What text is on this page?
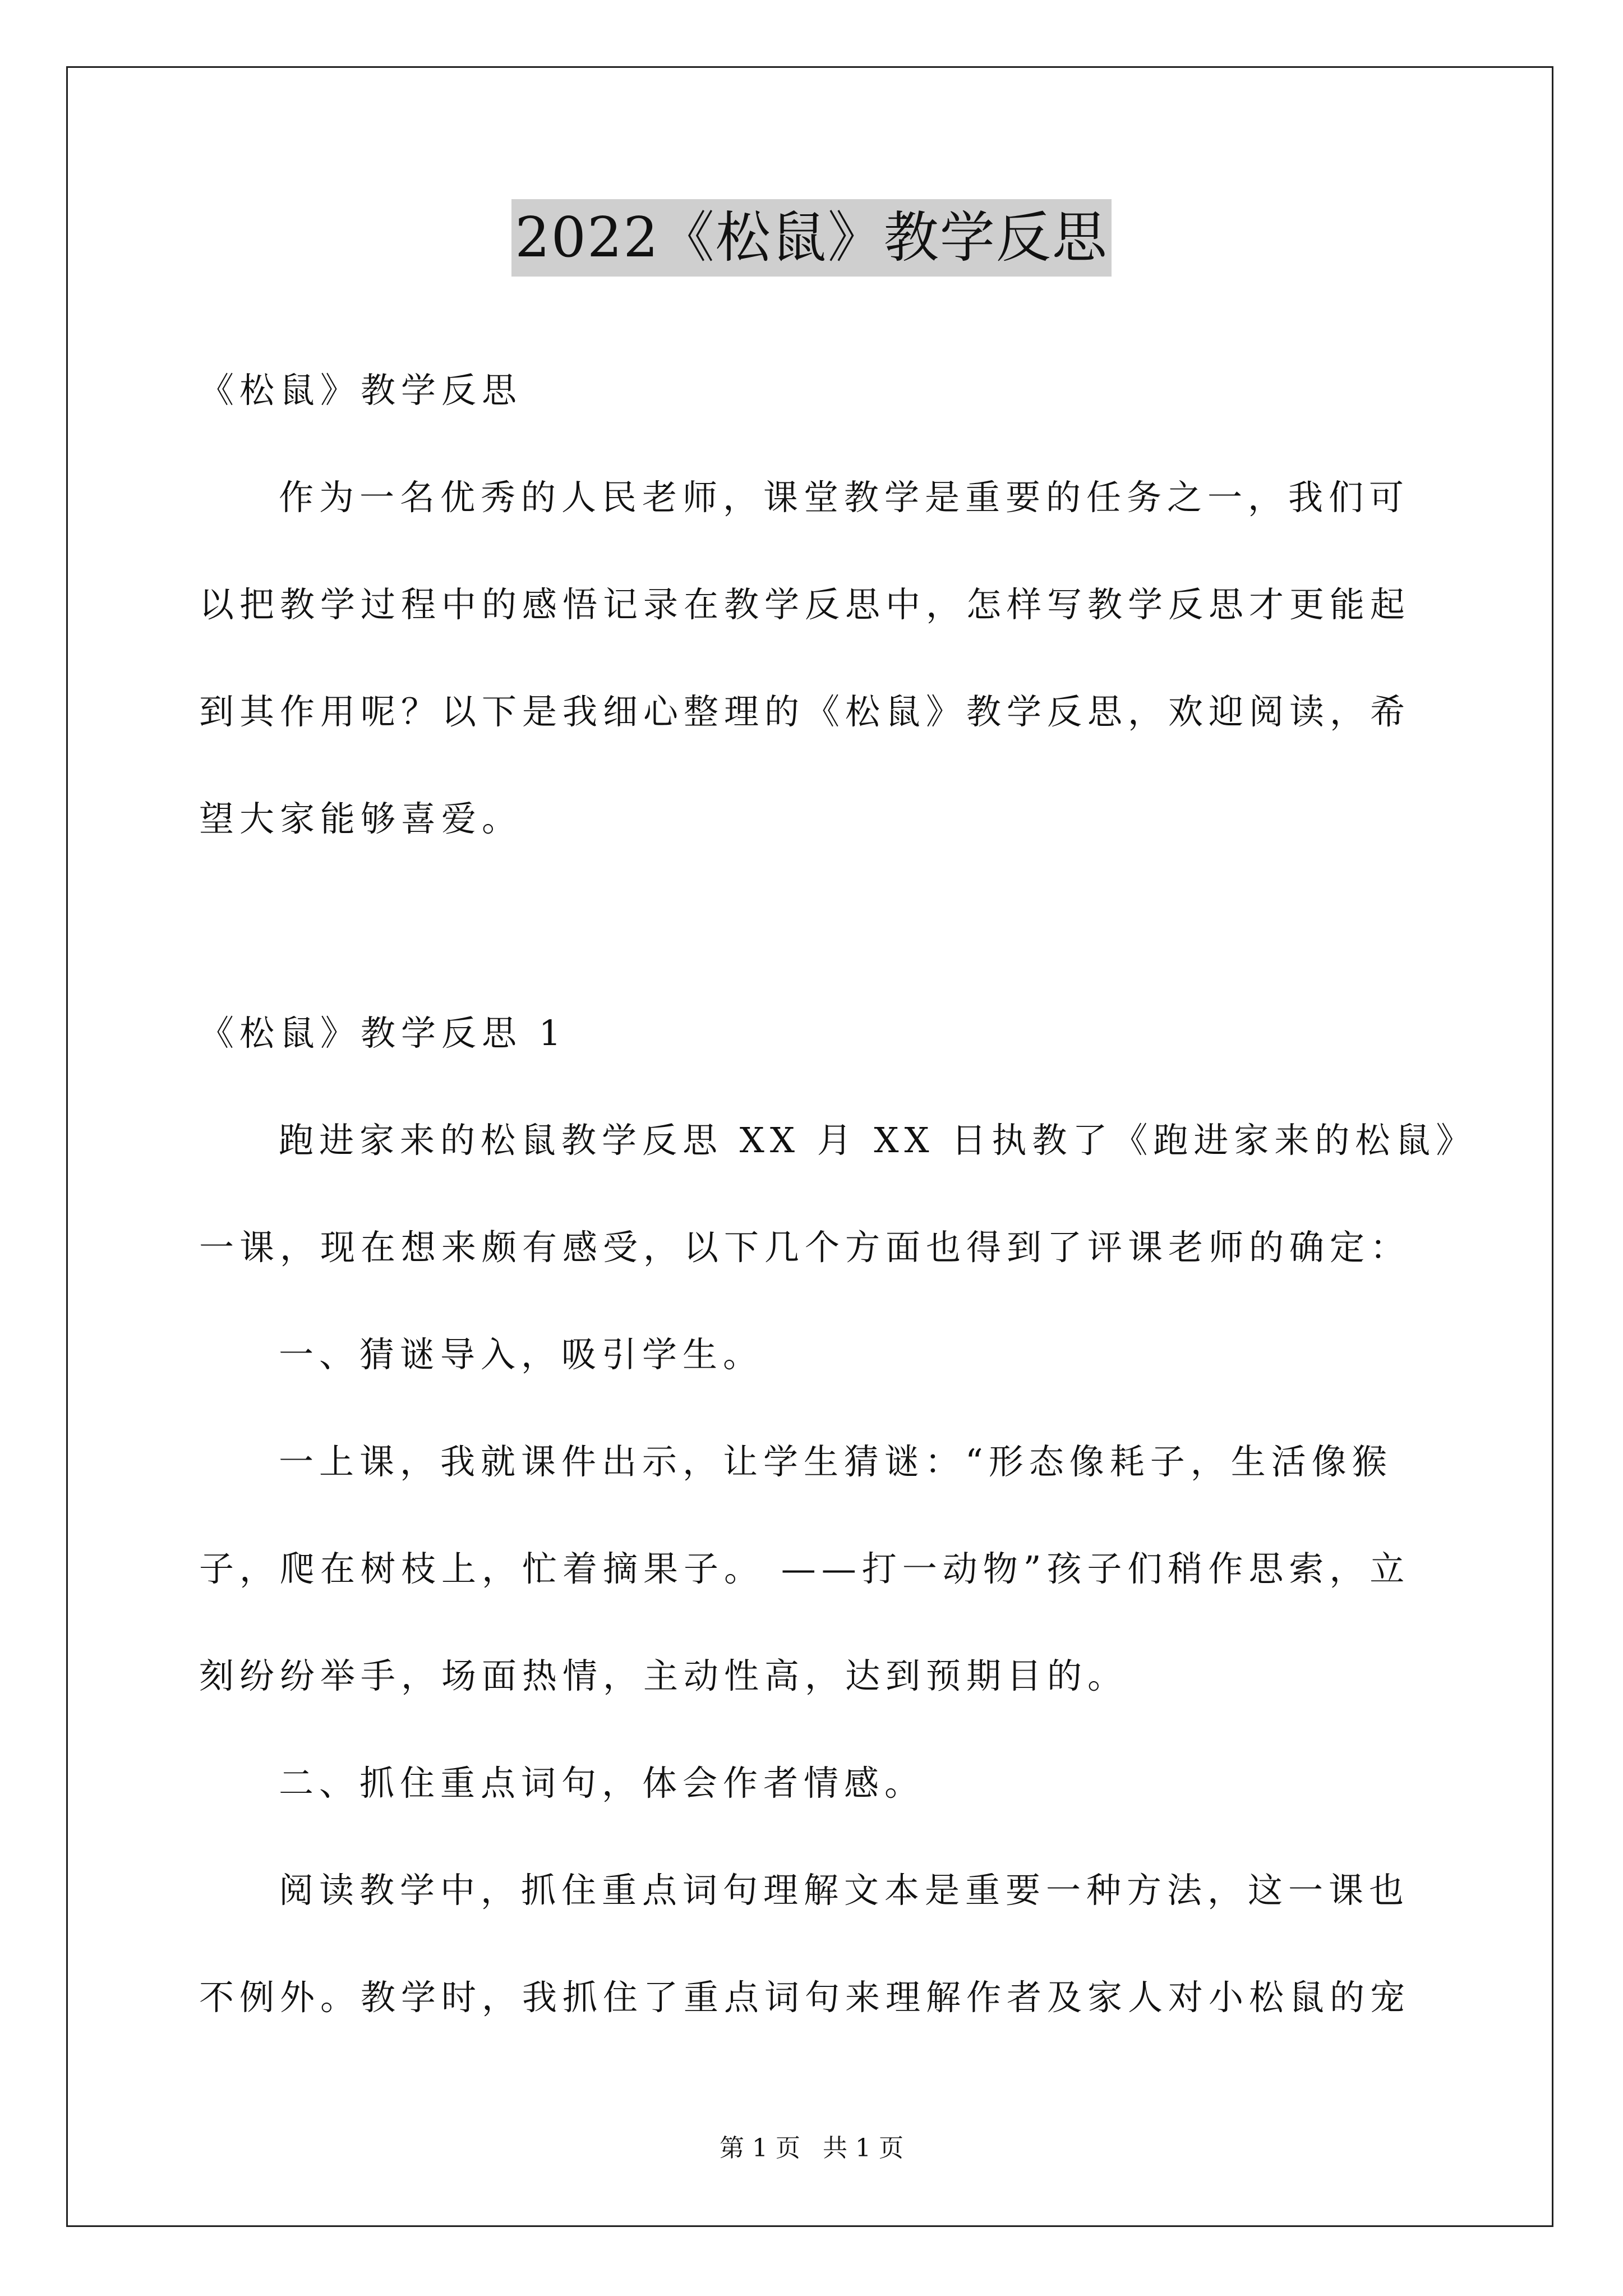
2022《松鼠》教学反思
《松鼠》教学反思
作为一名优秀的人民老师，课堂教学是重要的任务之一，我们可
以把教学过程中的感悟记录在教学反思中，怎样写教学反思才更能起
到其作用呢？以下是我细心整理的《松鼠》教学反思，欢迎阅读，希
望大家能够喜爱。
《松鼠》教学反思 1
跑进家来的松鼠教学反思 XX 月 XX 日执教了《跑进家来的松鼠》
一课，现在想来颇有感受，以下几个方面也得到了评课老师的确定：
一、猜谜导入，吸引学生。
一上课，我就课件出示，让学生猜谜：“形态像耗子，生活像猴
子，爬在树枝上，忙着摘果子。 ——打一动物”孩子们稍作思索，立
刻纷纷举手，场面热情，主动性高，达到预期目的。
二、抓住重点词句，体会作者情感。
阅读教学中，抓住重点词句理解文本是重要一种方法，这一课也
不例外。教学时，我抓住了重点词句来理解作者及家人对小松鼠的宠
第 1 页 共 1 页
